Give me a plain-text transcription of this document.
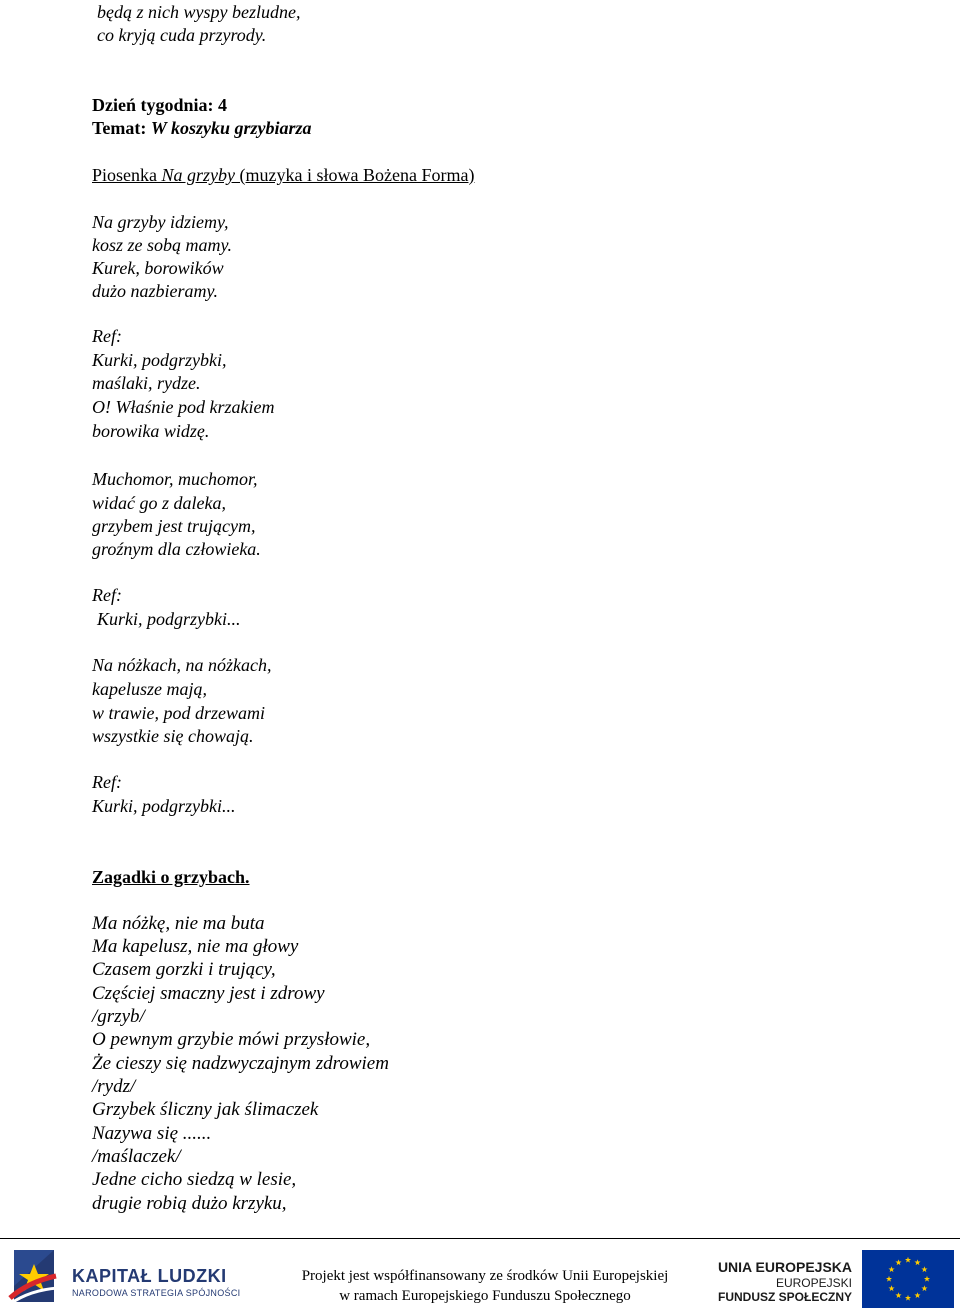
będą z nich wyspy bezludne,
co kryją cuda przyrody.
Dzień tygodnia: 4
Temat: W koszyku grzybiarza
Piosenka Na grzyby (muzyka i słowa Bożena Forma)
Na grzyby idziemy,
kosz ze sobą mamy.
Kurek, borowików
dużo nazbieramy.
Ref:
Kurki, podgrzybki,
maślaki, rydze.
O! Właśnie pod krzakiem
borowika widzę.
Muchomor, muchomor,
widać go z daleka,
grzybem jest trującym,
groźnym dla człowieka.
Ref:
Kurki, podgrzybki...
Na nóżkach, na nóżkach,
kapelusze mają,
w trawie, pod drzewami
wszystkie się chowają.
Ref:
Kurki, podgrzybki...
Zagadki o grzybach.
Ma nóżkę, nie ma buta
Ma kapelusz, nie ma głowy
Czasem gorzki i trujący,
Częściej smaczny jest i zdrowy
/grzyb/
O pewnym grzybie mówi przysłowie,
Że cieszy się nadzwyczajnym zdrowiem
/rydz/
Grzybek śliczny jak ślimaczek
Nazywa się ......
/maślaczek/
Jedne cicho siedzą w lesie,
drugie robią dużo krzyku,
KAPITAŁ LUDZKI
NARODOWA STRATEGIA SPÓJNOŚCI
Projekt jest współfinansowany ze środków Unii Europejskiej
w ramach Europejskiego Funduszu Społecznego
UNIA EUROPEJSKA
EUROPEJSKI
FUNDUSZ SPOŁECZNY
